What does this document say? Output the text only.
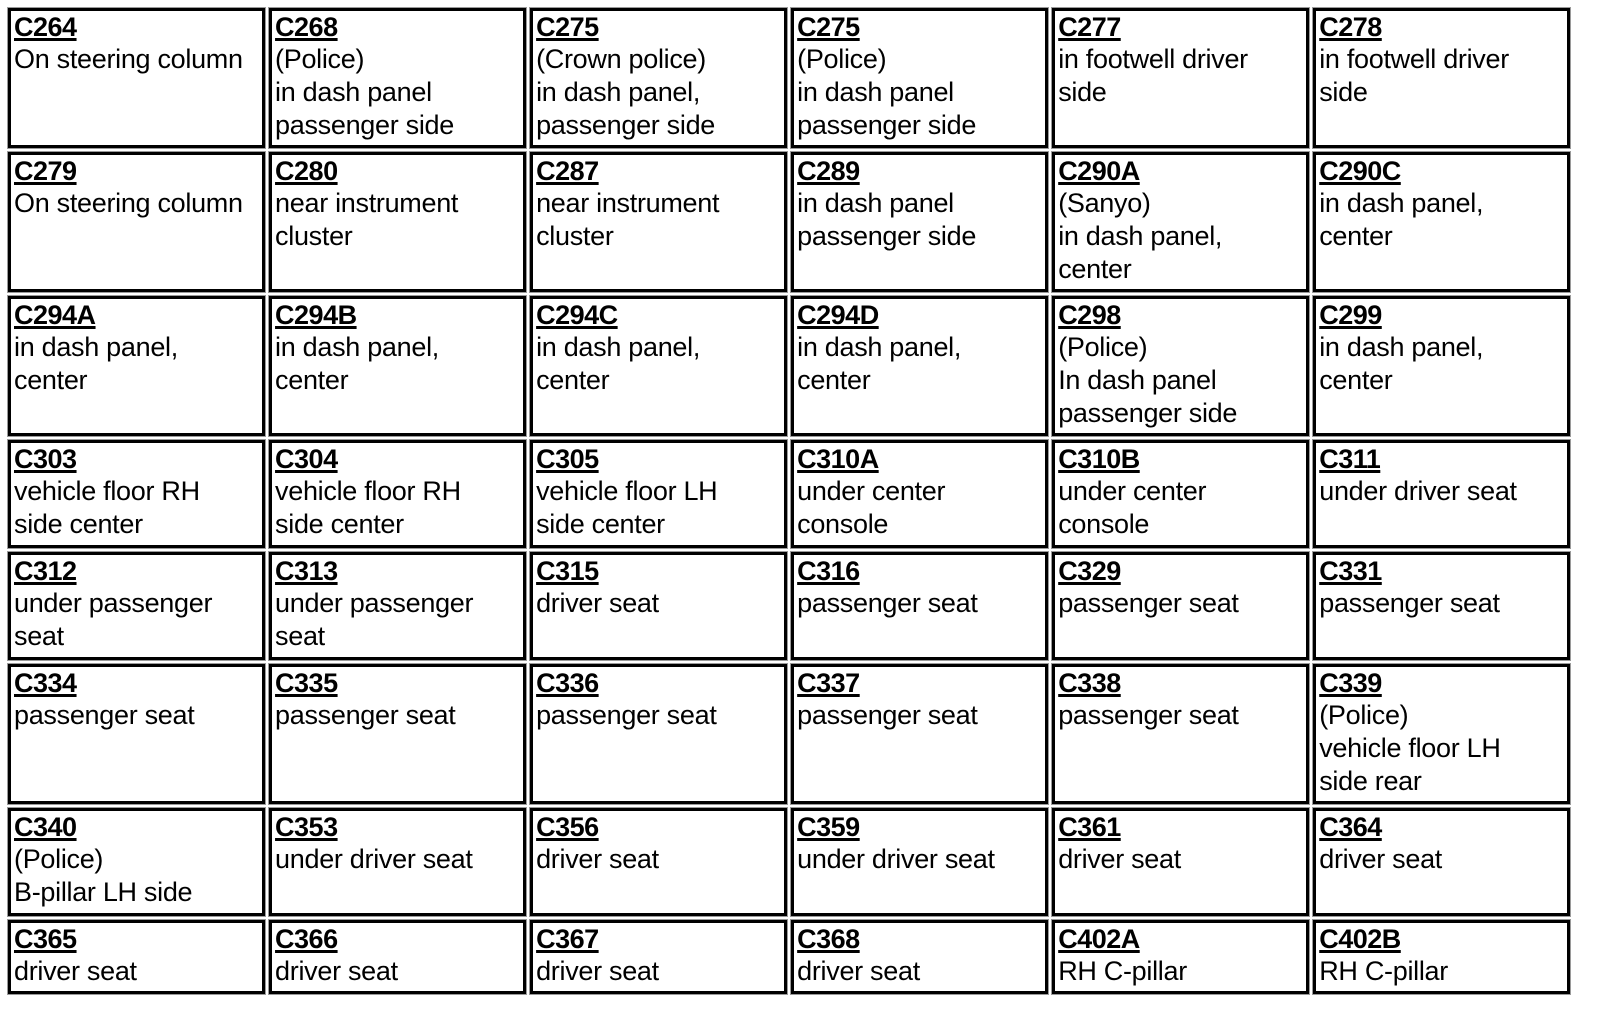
C264
On steering column	C268
(Police)
in dash panel
passenger side	C275
(Crown police)
in dash panel,
passenger side	C275
(Police)
in dash panel
passenger side	C277
in footwell driver
side	C278
in footwell driver
side

C279
On steering column	C280
near instrument
cluster	C287
near instrument
cluster	C289
in dash panel
passenger side	C290A
(Sanyo)
in dash panel,
center	C290C
in dash panel,
center

C294A
in dash panel,
center	C294B
in dash panel,
center	C294C
in dash panel,
center	C294D
in dash panel,
center	C298
(Police)
In dash panel
passenger side	C299
in dash panel,
center

C303
vehicle floor RH
side center	C304
vehicle floor RH
side center	C305
vehicle floor LH
side center	C310A
under center
console	C310B
under center
console	C311
under driver seat

C312
under passenger
seat	C313
under passenger
seat	C315
driver seat	C316
passenger seat	C329
passenger seat	C331
passenger seat

C334
passenger seat	C335
passenger seat	C336
passenger seat	C337
passenger seat	C338
passenger seat	C339
(Police)
vehicle floor LH
side rear

C340
(Police)
B-pillar LH side	C353
under driver seat	C356
driver seat	C359
under driver seat	C361
driver seat	C364
driver seat

C365
driver seat	C366
driver seat	C367
driver seat	C368
driver seat	C402A
RH C-pillar	C402B
RH C-pillar
